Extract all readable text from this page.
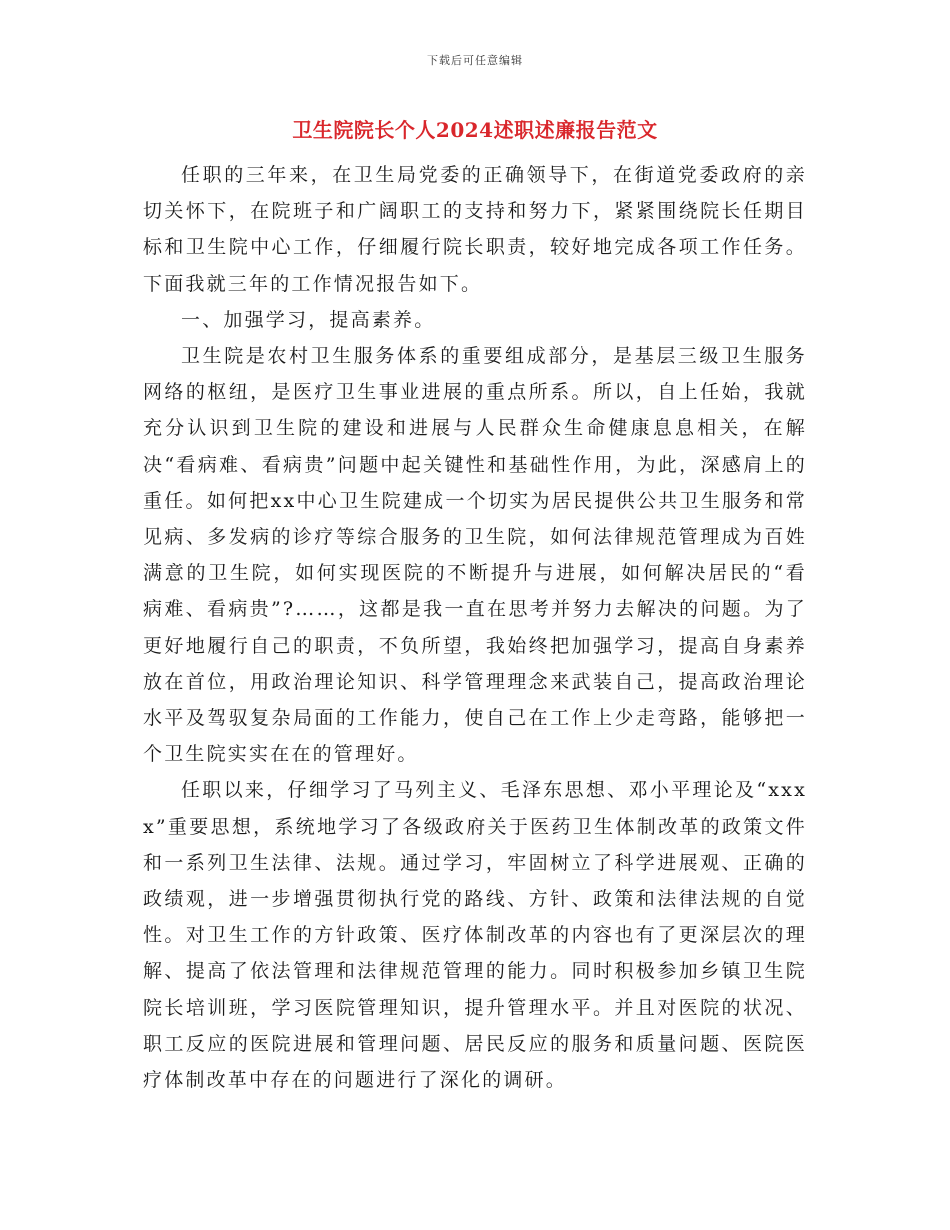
下载后可任意编辑
卫生院院长个人2024述职述廉报告范文

任职的三年来，在卫生局党委的正确领导下，在街道党委政府的亲切关怀下，在院班子和广阔职工的支持和努力下，紧紧围绕院长任期目标和卫生院中心工作，仔细履行院长职责，较好地完成各项工作任务。下面我就三年的工作情况报告如下。

一、加强学习，提高素养。

卫生院是农村卫生服务体系的重要组成部分，是基层三级卫生服务网络的枢纽，是医疗卫生事业进展的重点所系。所以，自上任始，我就充分认识到卫生院的建设和进展与人民群众生命健康息息相关，在解决“看病难、看病贵”问题中起关键性和基础性作用，为此，深感肩上的重任。如何把xx中心卫生院建成一个切实为居民提供公共卫生服务和常见病、多发病的诊疗等综合服务的卫生院，如何法律规范管理成为百姓满意的卫生院，如何实现医院的不断提升与进展，如何解决居民的“看病难、看病贵”?……，这都是我一直在思考并努力去解决的问题。为了更好地履行自己的职责，不负所望，我始终把加强学习，提高自身素养放在首位，用政治理论知识、科学管理理念来武装自己，提高政治理论水平及驾驭复杂局面的工作能力，使自己在工作上少走弯路，能够把一个卫生院实实在在的管理好。

任职以来，仔细学习了马列主义、毛泽东思想、邓小平理论及“xxxx”重要思想，系统地学习了各级政府关于医药卫生体制改革的政策文件和一系列卫生法律、法规。通过学习，牢固树立了科学进展观、正确的政绩观，进一步增强贯彻执行党的路线、方针、政策和法律法规的自觉性。对卫生工作的方针政策、医疗体制改革的内容也有了更深层次的理解、提高了依法管理和法律规范管理的能力。同时积极参加乡镇卫生院院长培训班，学习医院管理知识，提升管理水平。并且对医院的状况、职工反应的医院进展和管理问题、居民反应的服务和质量问题、医院医疗体制改革中存在的问题进行了深化的调研。
